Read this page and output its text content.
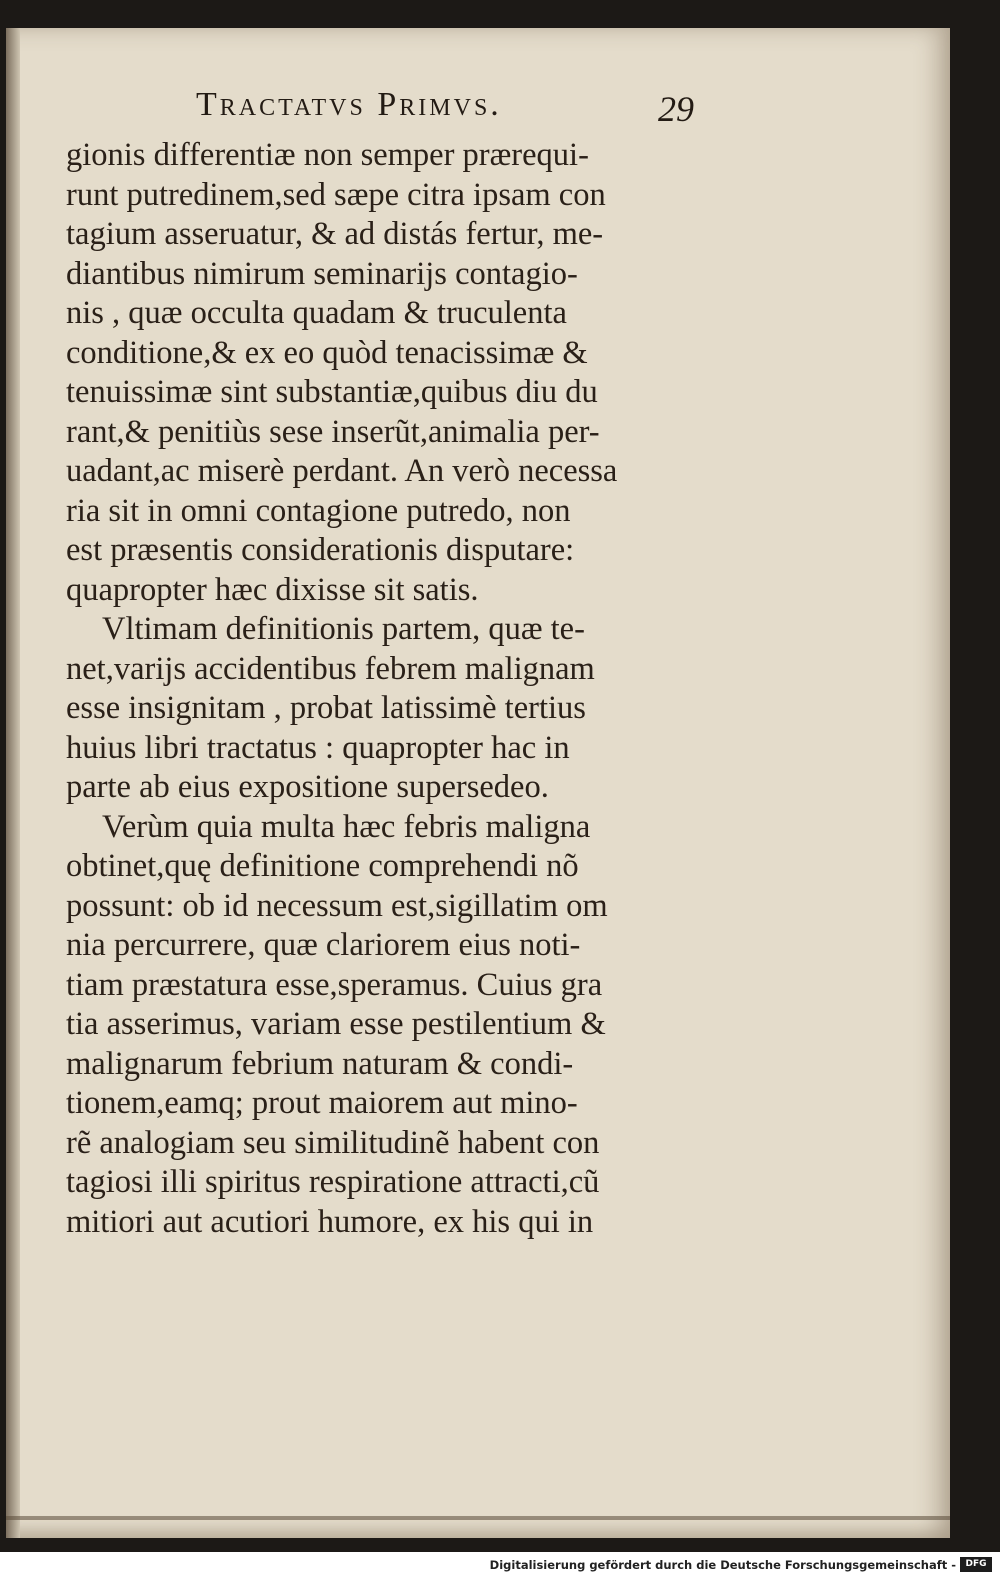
Tractatvs Primvs.	29
gionis differentiæ non semper prærequi-
runt putredinem,sed sæpe citra ipsam con
tagium asseruatur, & ad distás fertur, me-
diantibus nimirum seminarijs contagio-
nis , quæ occulta quadam & truculenta
conditione,& ex eo quòd tenacissimæ &
tenuissimæ sint substantiæ,quibus diu du
rant,& penitiùs sese inserũt,animalia per-
uadant,ac miserè perdant. An verò necessa
ria sit in omni contagione putredo, non
est præsentis considerationis disputare:
quapropter hæc dixisse sit satis.
Vltimam definitionis partem, quæ te-
net,varijs accidentibus febrem malignam
esse insignitam , probat latissimè tertius
huius libri tractatus : quapropter hac in
parte ab eius expositione supersedeo.
Verùm quia multa hæc febris maligna
obtinet,quę definitione comprehendi nõ
possunt: ob id necessum est,sigillatim om
nia percurrere, quæ clariorem eius noti-
tiam præstatura esse,speramus. Cuius gra
tia asserimus, variam esse pestilentium &
malignarum febrium naturam & condi-
tionem,eamq; prout maiorem aut mino-
rẽ analogiam seu similitudinẽ habent con
tagiosi illi spiritus respiratione attracti,cũ
mitiori aut acutiori humore, ex his qui in
Digitalisierung gefördert durch die Deutsche Forschungsgemeinschaft -	DFG
